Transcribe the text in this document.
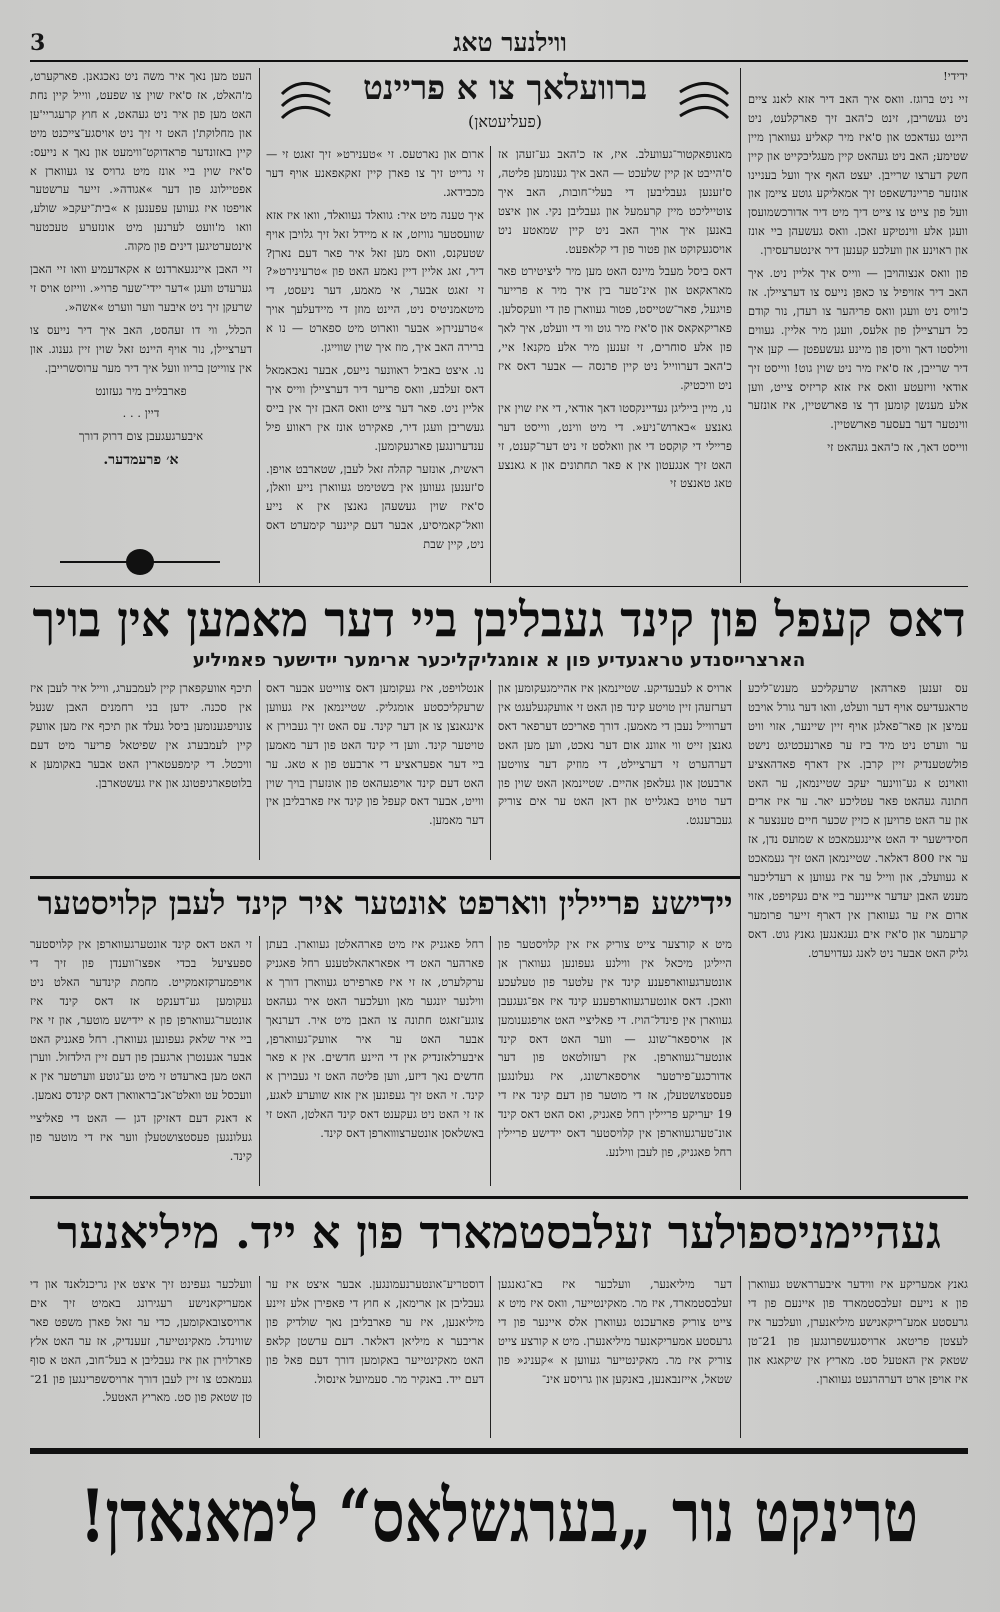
3	ווילנער טאג

ידידי!

זיי ניט ברוגז. וואס איך האב דיר אזא לאנג ציים ניט געשריבן, זינט כ'האב זיך פארקלעט, ניט היינט געדאכט און ס'איז מיר קאליע געווארן מיין שטימע; האב ניט געהאט קיין מעגליכקייט און קיין חשק דערצו שרייבן. יעצט האף איך וועל בעניינו אונזער פריינדשאפט זיך אמאליקע גוטע ציימן און וועל פון צייט צו צייט דיך מיט דיר אדורכשמועסן וועגן אלע ווינטיקע זאכן. וואס געשעהן ביי אונז און ראוינע און וועלכע קענען דיר אינטערעסירן.

פון וואס אנצוהויבן — ווייס איך אליין ניט. איך האב דיר אזויפיל צו כאפן נייעס צו דערציילן. אז כ'וויס ניט וועגן וואס פריהער צו רעדן, נור קודם כל דערציילן פון אלעס, וועגן מיר אליין. געווים ווילסטו דאך וויסן פון מיינע געשעפטן — קען איך דיר שרייבן, אז ס'איז מיר ניט שוין גוט! ווייסט זיך אודאי וויזעטע וואס איז אזא קריזיס צייט, ווען אלע מענשן קומען דך צו פארשטיין, איז אונזער ווינטער דער בעסער פארשטיין.

ווייסט דאך, אז כ'האב געהאט זי

ברוועלאך צו א פריינט
(פעליעטאן)

מאנופאקטור־געוועלב. איז, אז כ'האב גע־זעהן אז ס'הייבט אן קיין שלעכט — האב איך גענומען פליטה, ס'זענען געבליבען די בעלי־חובות, האב איך צוטייליכט מיין קרעמעל און געבליבן נקי. און איצט באנען איך אויך האב ניט קיין שמאטע ניט אויסגעקוקט און פטור פון די קלאפעט.

דאס ביסל מעבל מיינס האט מען מיר ליציטירט פאר מאראקאט און אינ־טער בין איך מיר א פרייער פויגעל, פאר־שטייסט, פטור געווארן פון די וועקסלען. פאריקאקאס און ס'איז מיר גוט ווי די וועלט, איך לאך פון אלע סוחרים, זי זענען מיר אלע מקנא! איי, כ'האב דערווייל ניט קיין פרנסה — אבער דאס איז ניט וויכטיק.

נו, מיין בייליגן געדיינקסטו דאך אודאי, די איז שוין אין גאנצע »בארוש־ניע«. די מיט ווינט, ווייסט דער פריילי די קוקסט די און וואלסט זי ניט דער־קענט, זי האט זיך אנגעטון אין א פאר תחתונים און א גאנצע טאג טאנצט זי

ארום און נארטעס. זי »טענירט« זיך זאגט זי — זי גרייט זיך צו פארן קיין זאקאפאנע אויף דער מכבידאג.

איך טענה מיט איר: גוואלד געוואלד, וואו איז אזא שוועסטער גוויזט, אז א מיידל זאל זיך גלויבן אויף שטעקנס, וואס מען זאל איר פאר דעם נארן? דיר, זאג אליין דיין נאמע האט פון »טרעינירט«? זי זאגט אבער, אי מאמע, דער ניעסט, די מיטאמניטיס ניט, היינט מוזן די מיידעלעך אויך »טרענירן« אבער ווארוט מיט ספארט — נו א ברירה האב איך, מוז איך שוין שווייגן.

נו. איצט באביל ראוונער נייעס, אבער נאכאמאל דאס זעלבע, וואס פריער דיר דערציילן ווייס איך אליין ניט. פאר דער צייט וואס האבן זיך אין בייס געשריבן וועגן דיר, פאקירט אונז אין ראווע פיל ענדערונגען פארגעקומען.

ראשית, אונזער קהלה זאל לעבן, שטארבט אויפן. ס'זענען געווען אין בשטימט געווארן נייע וואלן, ס'איז שוין געשעהן גאנצן אין א נייע וואל־קאמיסיע, אבער דעם קיינער קימערט דאס ניט, קיין שבת

העט מען נאך איר משה ניט נאכגאנן. פארקערט, מ'האלט, אז ס'איז שוין צו שפעט, ווייל קיין נחת האט מען פון איר ניט געהאט, א חוץ קרעגריי'ען און מחלוקת'ן האט זי זיך ניט אויסגע־צייכנט מיט קיין באזונדער פראדוקט־ווימעט און נאך א נייעס: ס'איז שוין ביי אונז מיט גרויס צו געווארן א אפטיילונג פון דער »אגודה«. זייער ערשטער אויפטו איז געווען עפענען א »בית־יעקב« שולע, וואו מ'וועט לערנען מיט אונזערע טעכטער אינטערטיגען דינים פון מקוה.

זיי האבן איינגעארדנט א אקאדעמיע וואו זיי האבן גערעדט וועגן »דער יידי־שער פרוי«. ווייזט אויס זי שרעקן זיך ניט איבער ווער ווערט »אשה«.

הכלל, ווי דו זעהסט, האב איך דיר נייעס צו דערציילן, נור אויף היינט זאל שוין זיין גענוג. און אין צווייטן בריוו וועל איך דיר מער ערוסשרייבן.

פארבלייב מיר געזונט

דיין . . .

איבערגעגעבן צום דרוק דורך

א׳ פרעמדער.

דאס קעפל פון קינד געבליבן ביי דער מאמען אין בויך
הארצרייסנדע טראגעדיע פון א אומגליקליכער ארימער יידישער פאמיליע
עס זענען פארהאן שרעקליכע מענש־ליכע טראגעדיעס אויף דער וועלט, וואו דער גורל אויבט עמיצן אן פאר־פאלגן אויף זיין שיינער, אזוי וויט ער ווערט ניט מיד ביז ער פארנעכטיגט נישט פולשטענדיק זיין קרבן. אין דארף פאדהאציע וואוינט א גע־ווינער יעקב שטיינמאן, ער האט חתונה געהאט פאר עטליכע יאר. ער איז ארים און ער האט פרויען א כזיין שכער חיים טענצער א חסידישער יד האט איינגעמאכט א שמועס נדן, אז ער איז 800 דאלאר. שטיינמאן האט זיך געמאכט א געוועלב, און ווייל ער איז געווען א רעדליכער מענש האבן יעדער אייינער ביי אים געקויפט, אזוי ארום איז ער געווארן אין דארף זייער פרומער קרעמער און ס'איז אים געגאנגען גאנץ גוט. דאס גליק האט אבער ניט לאנג געדויערט.
ארויס א לעבעדיקע. שטיינמאן איז אהיימגעקומען און דערזעהן זיין טויטע קינד פון האט זי אוועקגעלעגט אין דערווייל נעבן די מאמען. דורך פאריכט דערפאר דאס גאנצן זייט ווי אוונג אום דער נאכט, ווען מען האט דערהערט זי דערציילט, די מוזיק דער צוויטען ארבעטן און געלאפן אהיים. שטיינמאן האט שוין פון דער טויט באגלייט און דאן האט ער אים צוריק געברענגט.
אנטלויפט, איז געקומען דאס צווייטע אבער דאס שרעקליכסטע אומגליק. שטיינמאן איז געווען אינגאנצן צו אן דער קינד. עס האט זיך געבוירן א טויטער קינד. ווען די קינד האט פון דער מאמען ביי דער אפעראציע די ארבעט פון א טאג. ער האט דעם קינד אויפגעהאט פון אונזערן בויך שוין ווייט, אבער דאס קעפל פון קינד איז פארבליבן אין דער מאמען.
תיכף אוועקפארן קיין לעמבערג, ווייל איר לעבן איז אין סכנה. ידען בני רחמנים האבן שנעל צונויפגענומען ביסל געלד און תיכף איז מען אוועק קיין לעמבערג אין שפיטאל פריער מיט דעם וויכטל. די קימפעטארין האט אבער באקומען א בלוטפארגיפטונג און איז געשטארבן.
יידישע פריילין ווארפט אונטער איר קינד לעבן קלויסטער
מיט א קורצער צייט צוריק איז אין קלויסטער פון הייליגן מיכאל אין ווילנע געפונען געווארן אן אונטערגעווארפענע קינד אין עלטער פון טעלעכע וואכן. דאס אונטערגעווארפענע קינד איז אפ־געגעבן געווארן אין פינדל־הויז. די פאליציי האט אויפגענומען אן אויספאר־שונג — ווער האט דאס קינד אונטער־געווארפן. אין רעזולטאט פון דער אדורכגע־פירטער אויספארשונג, איז געלונגען פעסטצושטעלן, אז די מוטער פון דעם קינד איז די 19 יעריקע פריילין רחל פאגניק, ואס האט דאס קינד אונ־טערגעווארפן אין קלויסטער דאס יידישע פריילין רחל פאגניק, פון לעבן ווילנע.
רחל פאגניק איז מיט פארהאלטן געווארן. בעתן פארהער האט די אפאראהאלטענע רחל פאגניק ערקלערט, אז זי איז פארפירט געווארן דורך א ווילנער יונגער מאן וועלכער האט איר געהאט צוגע־זאגט חתונה צו האבן מיט איר. דערנאך אבער האט ער איר אוועק־געווארפן, איבערלאזנדיק אין די היינע חדשים. אין א פאר חדשים נאך דיזע, ווען פליטה האט זי געבוירן א קינד. זי האט זיך געפונען אין אזא שווערע לאגע, אז זי האט ניט געקענט דאס קינד האלטן, האט זי באשלאסן אונטערצוווארפן דאס קינד.

זי האט דאס קינד אונטערגעווארפן אין קלויסטער ספעציעל בכדי אפצו־ווענדן פון זיך די אויפמערקזאמקייט. מחמת קינדער האלט ניט געקומען גע־דענקט אז דאס קינד איז אונטער־געווארפן פון א יידישע מוטער, און זי איז ביי איר שלאק געפונען געווארן. רחל פאגניק האט אבער אגענטרן ארגעבן פון דעם זיין הילדזול. ווערן האט מען בארעדט זי מיט גע־גוטע ווערטער אין א וועכסל עט וואלט־אנ־בראווארן דאס קינדס נאמען.

א דאנק דעם דאזיקן דגן — האט די פאליציי געלונגען פעסטצושטעלן ווער איז די מוטער פון קינד.

געהיימניספולער זעלבסטמארד פון א ייד. מיליאנער
גאנץ אמעריקע איז ווידער איבערראשט געווארן פון א נייעם זעלבסטמארד פון איינעם פון די גרעסטע אמע־ריקאנישע מיליאנערן, וועלכער איז לעצטן פריטאג ארויסגעשפרונגען פון 21־טן שטאק אין האטעל סט. מאריץ אין שיקאגא און איז אויפן ארט דערהרגעט געווארן.
דער מיליאנער, וועלכער איז בא־גאנגען זעלבסטמארד, איז מר. מאקינטייער, וואס איז מיט א צייט צוריק פארעכנט געווארן אלס איינער פון די גרעסטע אמעריקאנער מיליאנערן. מיט א קורצע צייט צוריק איז מר. מאקינטייער געווען א »קעניג« פון שטאל, אייזנבאנען, באנקען און גרויסע אינ־
דוסטריע־אונטערנעמונגען. אבער איצט איז ער געבליבן אן ארימאן, א חוץ די פאפירן אלע זיינע מיליאנען, איז ער פארבליבן נאך שולדיק פון אריבער א מיליאן דאלאר. דעם ערשטן קלאפ האט מאקינטייער באקומען דורך דעם פאל פון דעם ייד. באנקיר מר. סעמיועל אינסול.
וועלכער געפינט זיך איצט אין גריכנלאנד און די אמעריקאנישע רעגירונג באמיט זיך אים ארויסצובאקומען, כדי ער זאל פארן משפט פאר שווינדל. מאקינטייער, זעענדיק, אז ער האט אלץ פארלוירן און איז געבליבן א בעל־חוב, האט א סוף געמאכט צו זיין לעבן דורך ארויסשפרינגען פון 21־טן שטאק פון סט. מאריץ האטעל.
טרינקט נור „בערגשלאס“ לימאנאדן!
